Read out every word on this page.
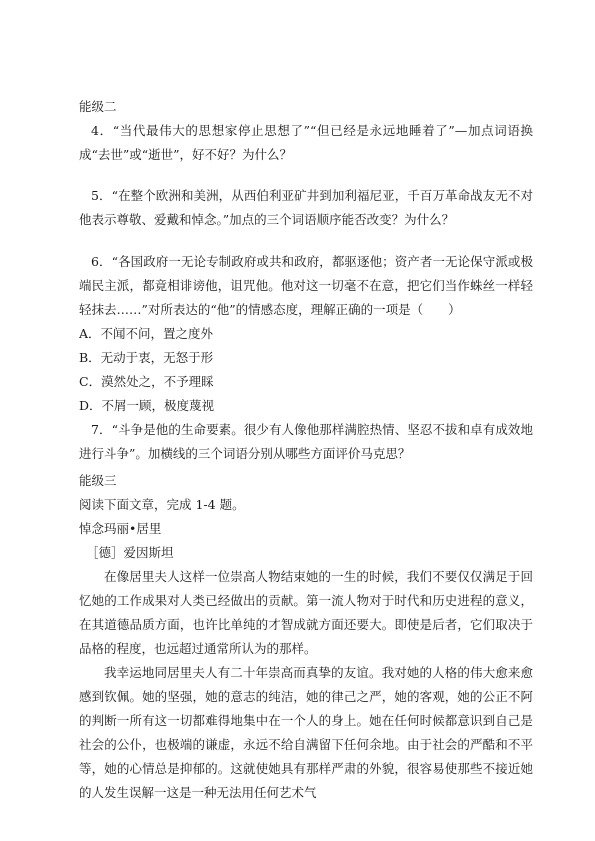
能级二

4．“当代最伟大的思想家停止思想了”“但已经是永远地睡着了”—加点词语换成“去世”或“逝世”，好不好？为什么？

5．“在整个欧洲和美洲，从西伯利亚矿井到加利福尼亚，千百万革命战友无不对他表示尊敬、爱戴和悼念。”加点的三个词语顺序能否改变？为什么？

6．“各国政府一无论专制政府或共和政府，都驱逐他；资产者一无论保守派或极端民主派，都竟相诽谤他，诅咒他。他对这一切毫不在意，把它们当作蛛丝一样轻轻抹去……”对所表达的“他”的情感态度，理解正确的一项是（　　）

A．不闻不问，置之度外

B．无动于衷，无怒于形

C．漠然处之，不予理睬

D．不屑一顾，极度蔑视

7．“斗争是他的生命要素。很少有人像他那样满腔热情、坚忍不拔和卓有成效地进行斗争”。加横线的三个词语分别从哪些方面评价马克思？

能级三

阅读下面文章，完成 1-4 题。

悼念玛丽•居里

［德］爱因斯坦

在像居里夫人这样一位崇高人物结束她的一生的时候，我们不要仅仅满足于回忆她的工作成果对人类已经做出的贡献。第一流人物对于时代和历史进程的意义，在其道德品质方面，也许比单纯的才智成就方面还要大。即使是后者，它们取决于品格的程度，也远超过通常所认为的那样。

我幸运地同居里夫人有二十年崇高而真挚的友谊。我对她的人格的伟大愈来愈感到钦佩。她的坚强，她的意志的纯洁，她的律己之严，她的客观，她的公正不阿的判断一所有这一切都难得地集中在一个人的身上。她在任何时候都意识到自己是社会的公仆，也极端的谦虚，永远不给自满留下任何余地。由于社会的严酷和不平等，她的心情总是抑郁的。这就使她具有那样严肃的外貌，很容易使那些不接近她的人发生误解一这是一种无法用任何艺术气
